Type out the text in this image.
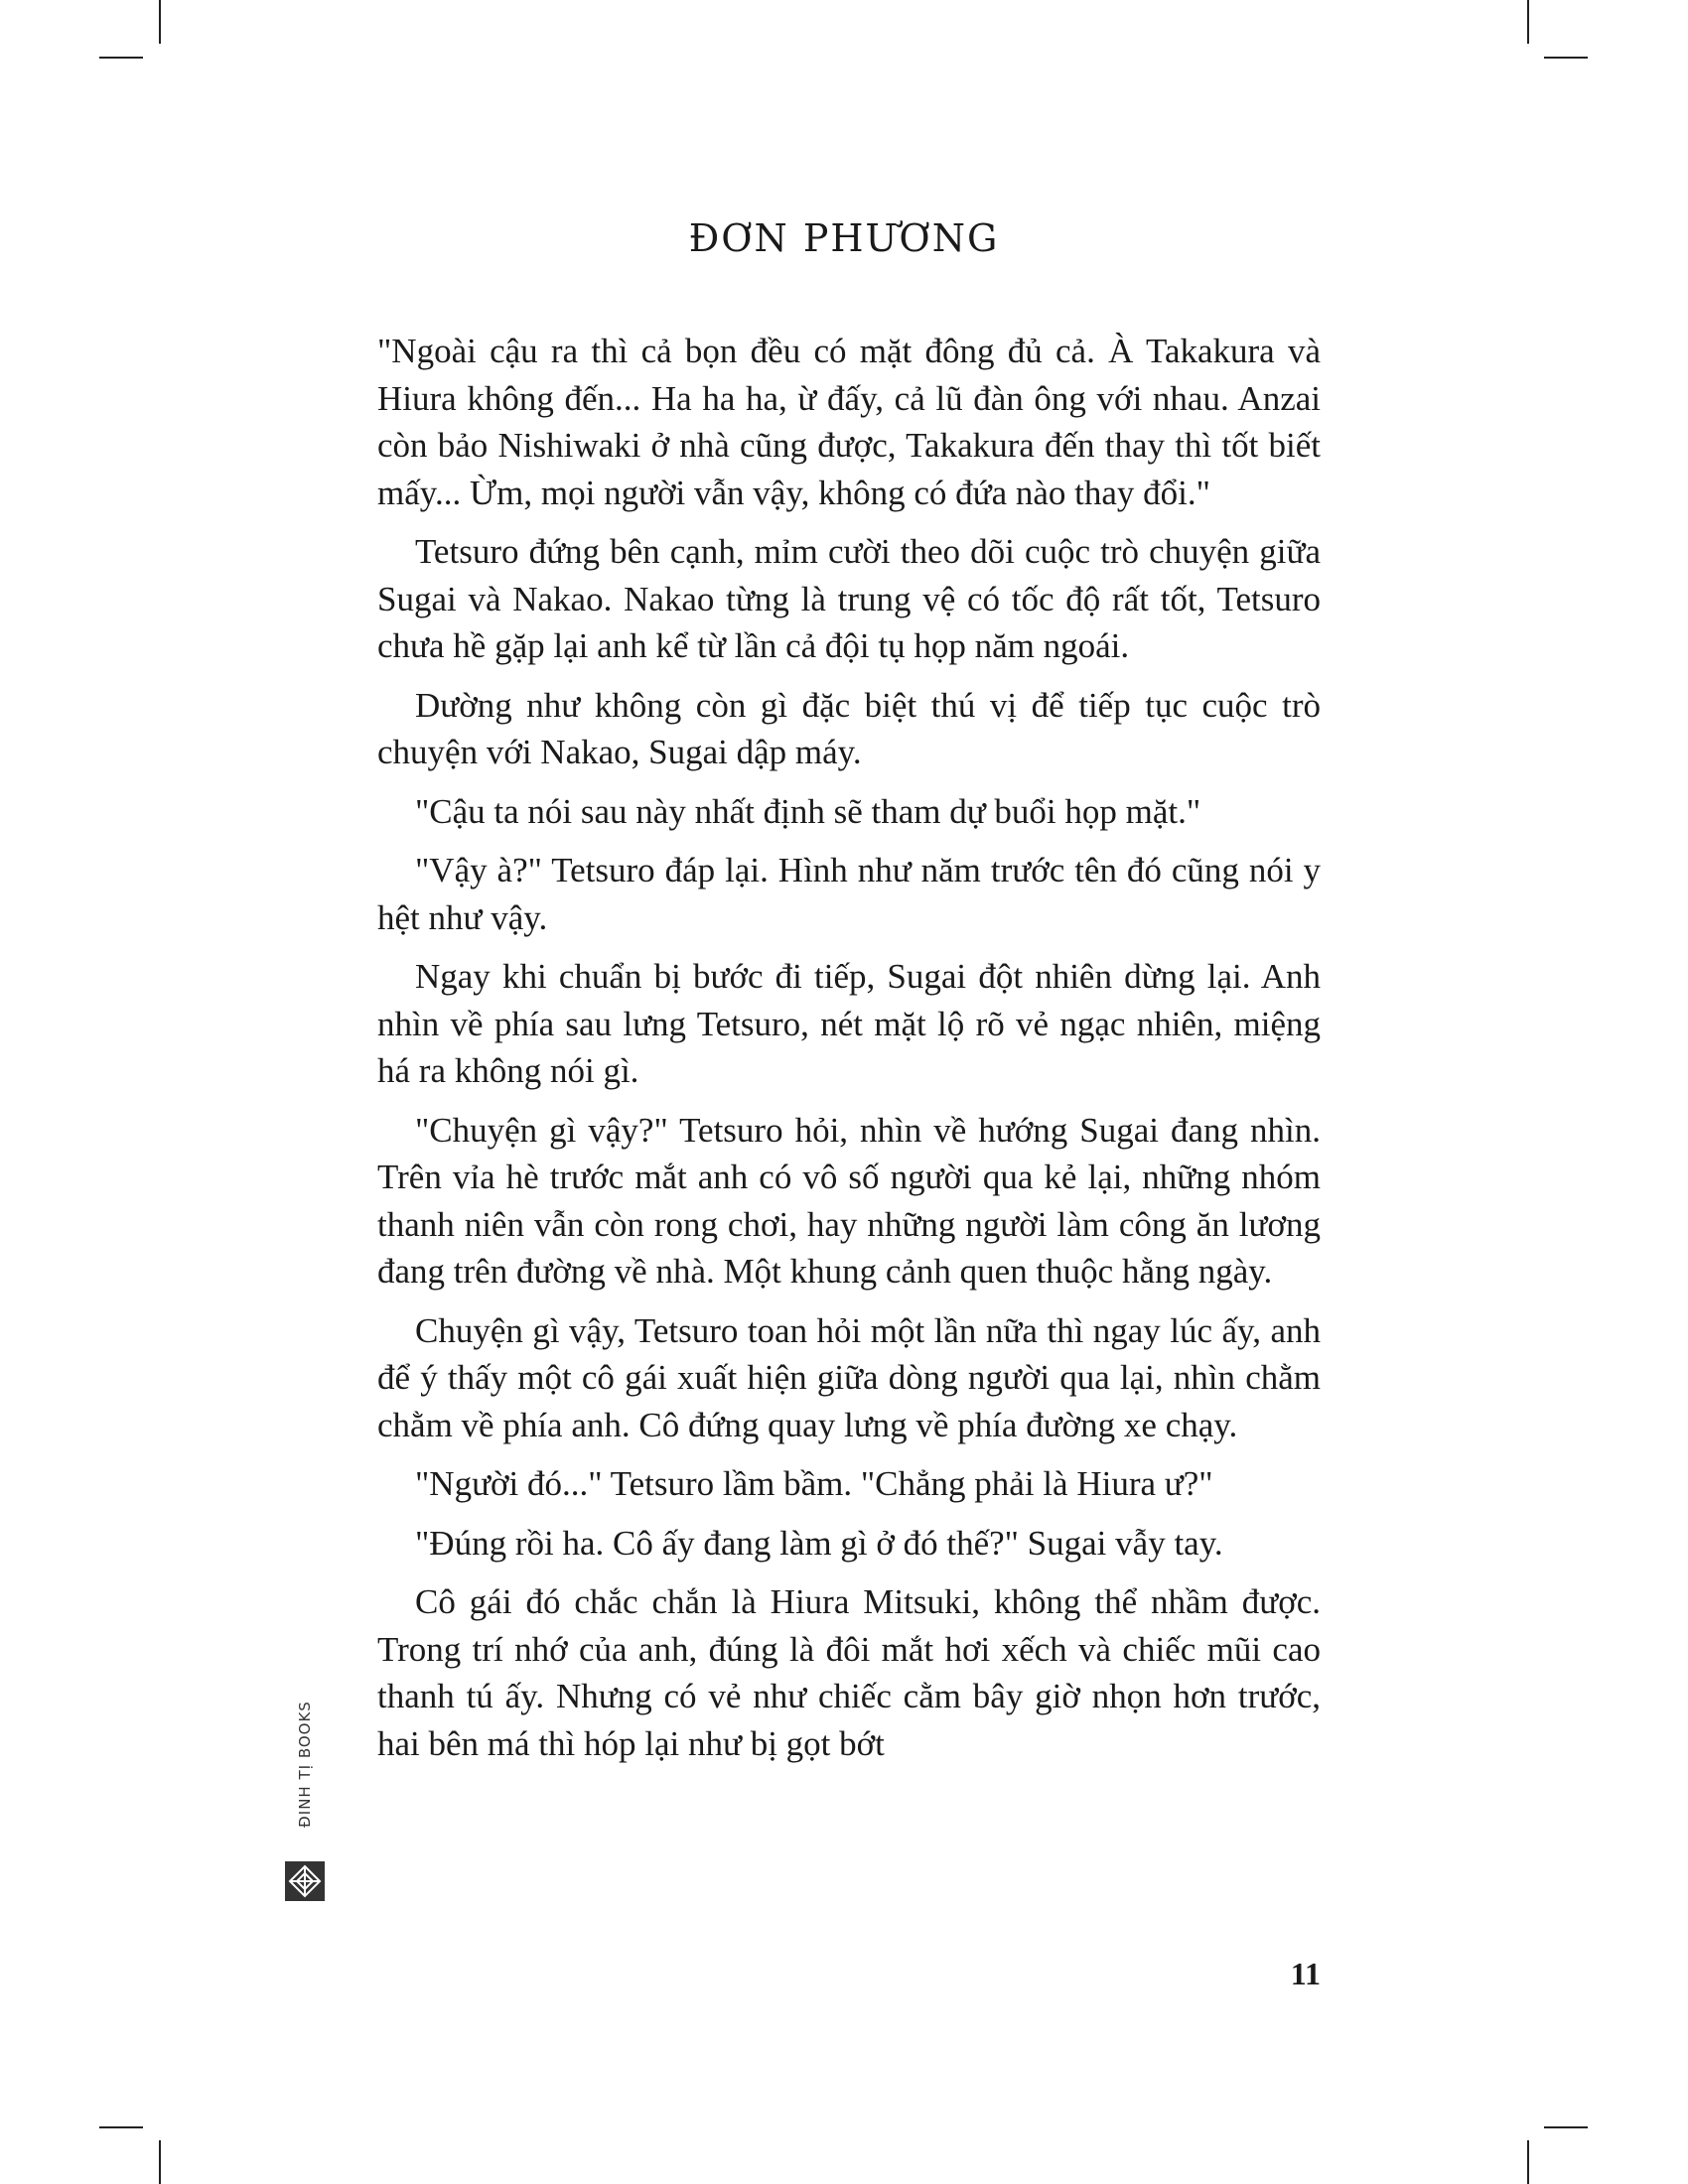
ĐƠN PHƯƠNG

"Ngoài cậu ra thì cả bọn đều có mặt đông đủ cả. À Takakura và Hiura không đến... Ha ha ha, ừ đấy, cả lũ đàn ông với nhau. Anzai còn bảo Nishiwaki ở nhà cũng được, Takakura đến thay thì tốt biết mấy... Ừm, mọi người vẫn vậy, không có đứa nào thay đổi."

Tetsuro đứng bên cạnh, mỉm cười theo dõi cuộc trò chuyện giữa Sugai và Nakao. Nakao từng là trung vệ có tốc độ rất tốt, Tetsuro chưa hề gặp lại anh kể từ lần cả đội tụ họp năm ngoái.

Dường như không còn gì đặc biệt thú vị để tiếp tục cuộc trò chuyện với Nakao, Sugai dập máy.

"Cậu ta nói sau này nhất định sẽ tham dự buổi họp mặt."

"Vậy à?" Tetsuro đáp lại. Hình như năm trước tên đó cũng nói y hệt như vậy.

Ngay khi chuẩn bị bước đi tiếp, Sugai đột nhiên dừng lại. Anh nhìn về phía sau lưng Tetsuro, nét mặt lộ rõ vẻ ngạc nhiên, miệng há ra không nói gì.

"Chuyện gì vậy?" Tetsuro hỏi, nhìn về hướng Sugai đang nhìn. Trên vỉa hè trước mắt anh có vô số người qua kẻ lại, những nhóm thanh niên vẫn còn rong chơi, hay những người làm công ăn lương đang trên đường về nhà. Một khung cảnh quen thuộc hằng ngày.

Chuyện gì vậy, Tetsuro toan hỏi một lần nữa thì ngay lúc ấy, anh để ý thấy một cô gái xuất hiện giữa dòng người qua lại, nhìn chằm chằm về phía anh. Cô đứng quay lưng về phía đường xe chạy.

"Người đó..." Tetsuro lầm bầm. "Chẳng phải là Hiura ư?"

"Đúng rồi ha. Cô ấy đang làm gì ở đó thế?" Sugai vẫy tay.

Cô gái đó chắc chắn là Hiura Mitsuki, không thể nhầm được. Trong trí nhớ của anh, đúng là đôi mắt hơi xếch và chiếc mũi cao thanh tú ấy. Nhưng có vẻ như chiếc cằm bây giờ nhọn hơn trước, hai bên má thì hóp lại như bị gọt bớt

ĐINH TỊ BOOKS
11
